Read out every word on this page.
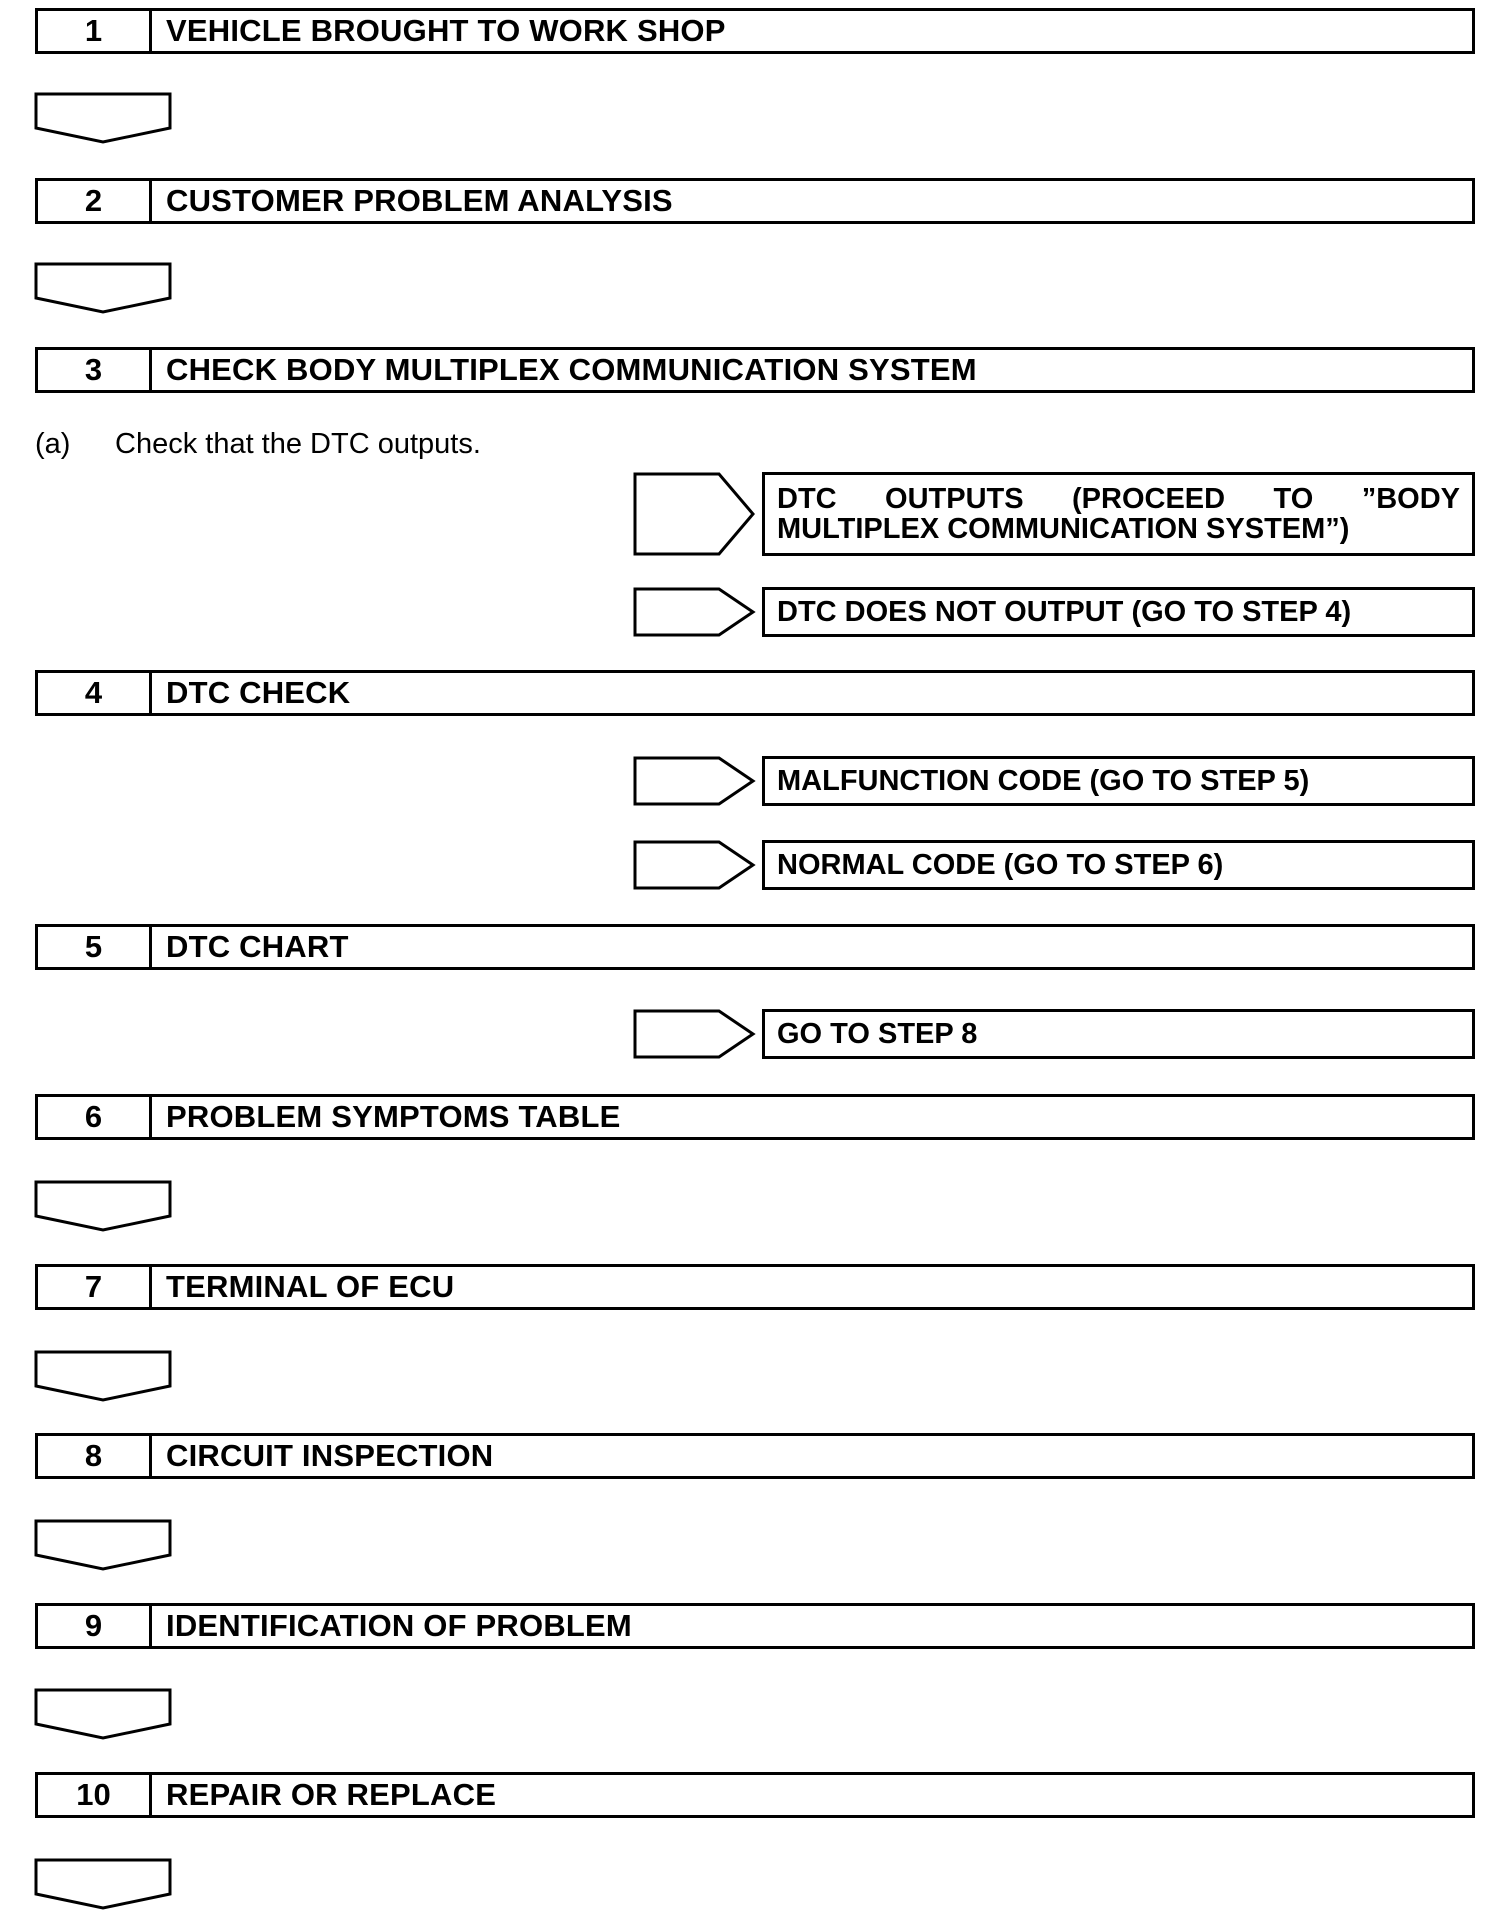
1	VEHICLE BROUGHT TO WORK SHOP
2	CUSTOMER PROBLEM ANALYSIS
3	CHECK BODY MULTIPLEX COMMUNICATION SYSTEM
(a) Check that the DTC outputs.
DTC OUTPUTS (PROCEED TO ”BODY MULTIPLEX COMMUNICATION SYSTEM”)
DTC DOES NOT OUTPUT (GO TO STEP 4)
4	DTC CHECK
MALFUNCTION CODE (GO TO STEP 5)
NORMAL CODE (GO TO STEP 6)
5	DTC CHART
GO TO STEP 8
6	PROBLEM SYMPTOMS TABLE
7	TERMINAL OF ECU
8	CIRCUIT INSPECTION
9	IDENTIFICATION OF PROBLEM
10	REPAIR OR REPLACE
